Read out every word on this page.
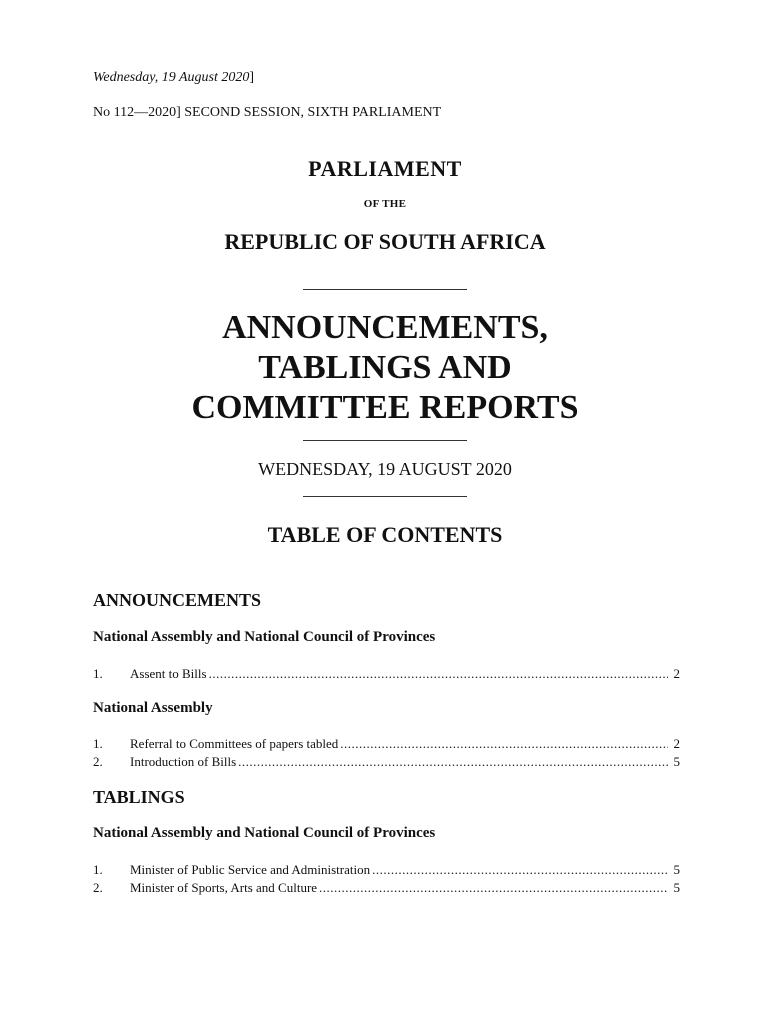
Wednesday, 19 August 2020]
No 112—2020] SECOND SESSION, SIXTH PARLIAMENT
PARLIAMENT
OF THE
REPUBLIC OF SOUTH AFRICA
ANNOUNCEMENTS,
TABLINGS AND
COMMITTEE REPORTS
WEDNESDAY, 19 AUGUST 2020
TABLE OF CONTENTS
ANNOUNCEMENTS
National Assembly and National Council of Provinces
1.	Assent to Bills .....	2
National Assembly
1.	Referral to Committees of papers tabled .....	2
2.	Introduction of Bills .....	5
TABLINGS
National Assembly and National Council of Provinces
1.	Minister of Public Service and Administration .....	5
2.	Minister of Sports, Arts and Culture .....	5
